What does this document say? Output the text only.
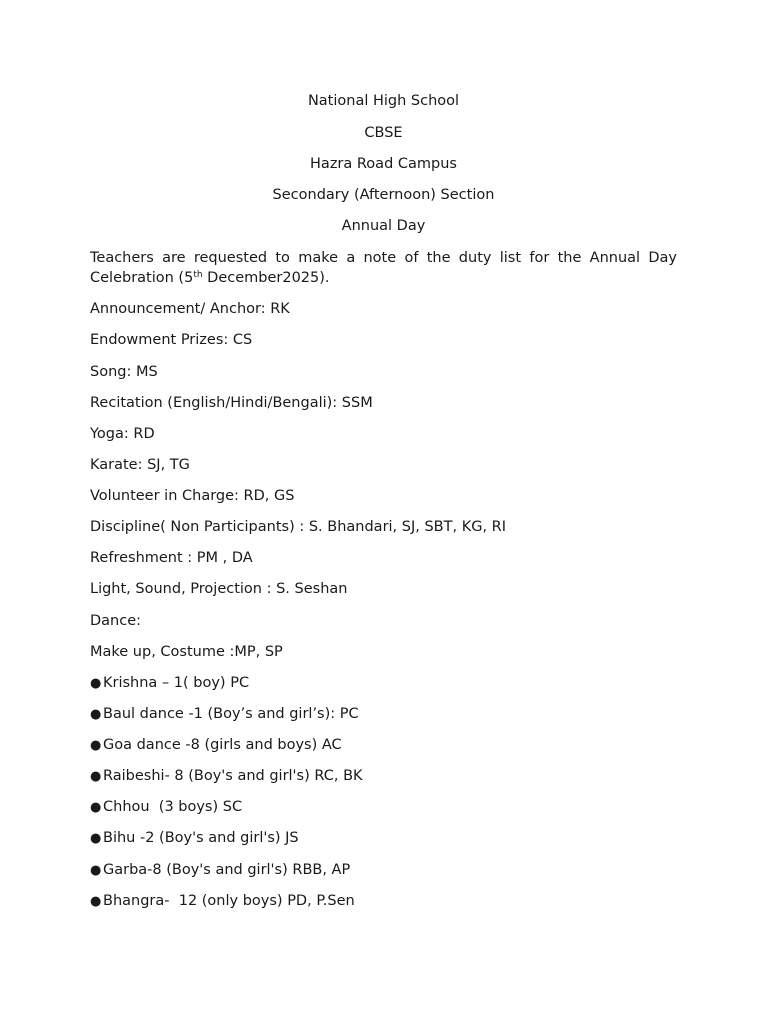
National High School
CBSE
Hazra Road Campus
Secondary (Afternoon) Section
Annual Day
Teachers are requested to make a note of the duty list for the Annual Day
Celebration (5th December2025).
Announcement/ Anchor: RK
Endowment Prizes: CS
Song: MS
Recitation (English/Hindi/Bengali): SSM
Yoga: RD
Karate: SJ, TG
Volunteer in Charge: RD, GS
Discipline( Non Participants) : S. Bhandari, SJ, SBT, KG, RI
Refreshment : PM , DA
Light, Sound, Projection : S. Seshan
Dance:
Make up, Costume :MP, SP
● Krishna – 1( boy) PC
● Baul dance -1 (Boy’s and girl’s): PC
● Goa dance -8 (girls and boys) AC
● Raibeshi- 8 (Boy's and girl's) RC, BK
● Chhou  (3 boys) SC
● Bihu -2 (Boy's and girl's) JS
● Garba-8 (Boy's and girl's) RBB, AP
● Bhangra-  12 (only boys) PD, P.Sen
